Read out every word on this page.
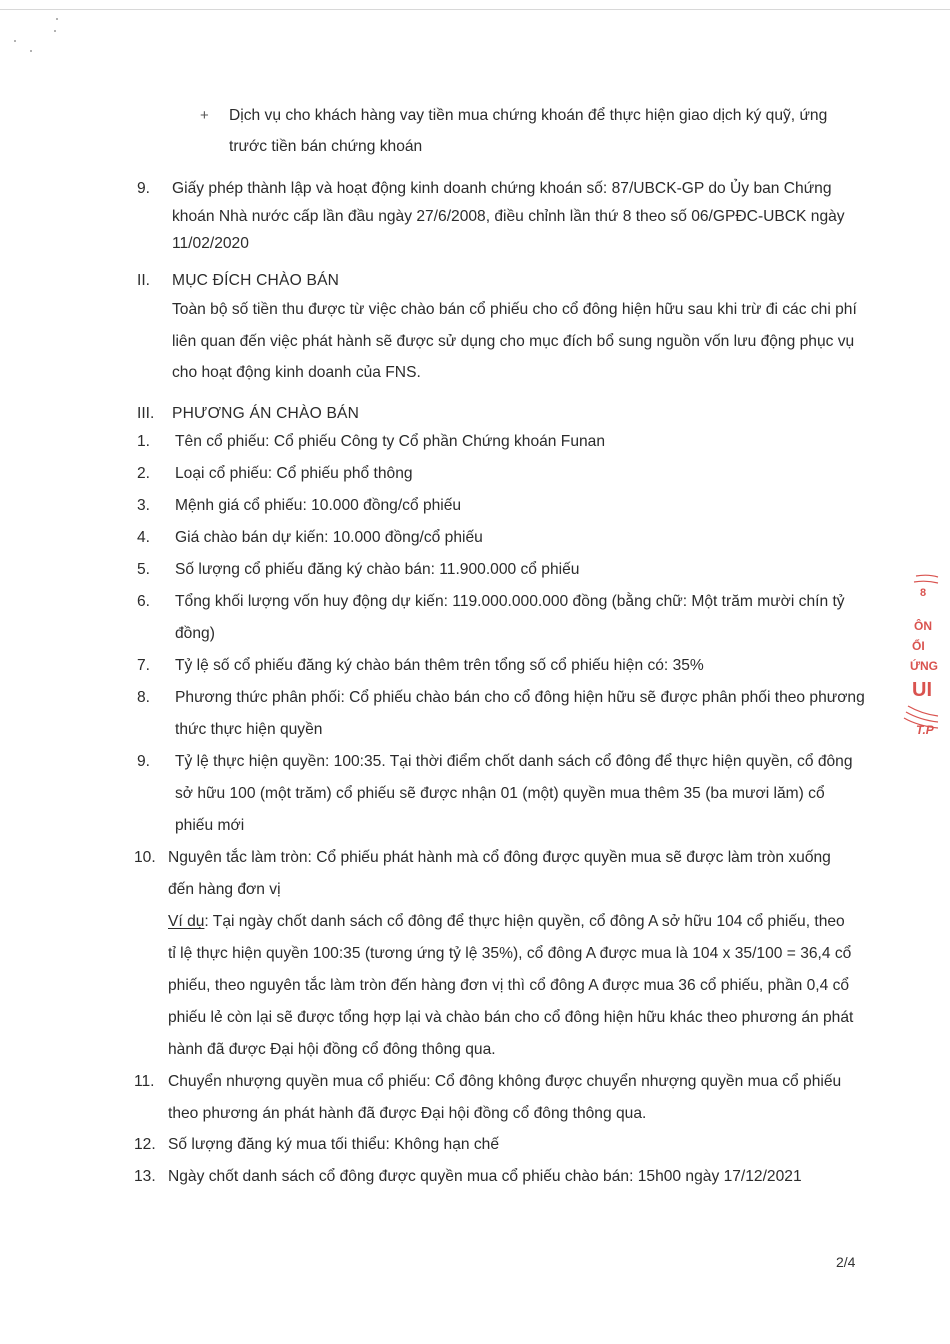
+ Dịch vụ cho khách hàng vay tiền mua chứng khoán để thực hiện giao dịch ký quỹ, ứng
trước tiền bán chứng khoán
9. Giấy phép thành lập và hoạt động kinh doanh chứng khoán số: 87/UBCK-GP do Ủy ban Chứng
khoán Nhà nước cấp lần đầu ngày 27/6/2008, điều chỉnh lần thứ 8 theo số 06/GPĐC-UBCK ngày
11/02/2020
II. MỤC ĐÍCH CHÀO BÁN
Toàn bộ số tiền thu được từ việc chào bán cổ phiếu cho cổ đông hiện hữu sau khi trừ đi các chi phí
liên quan đến việc phát hành sẽ được sử dụng cho mục đích bổ sung nguồn vốn lưu động phục vụ
cho hoạt động kinh doanh của FNS.
III. PHƯƠNG ÁN CHÀO BÁN
1. Tên cổ phiếu: Cổ phiếu Công ty Cổ phần Chứng khoán Funan
2. Loại cổ phiếu: Cổ phiếu phổ thông
3. Mệnh giá cổ phiếu: 10.000 đồng/cổ phiếu
4. Giá chào bán dự kiến: 10.000 đồng/cổ phiếu
5. Số lượng cổ phiếu đăng ký chào bán: 11.900.000 cổ phiếu
6. Tổng khối lượng vốn huy động dự kiến: 119.000.000.000 đồng (bằng chữ: Một trăm mười chín tỷ
đồng)
7. Tỷ lệ số cổ phiếu đăng ký chào bán thêm trên tổng số cổ phiếu hiện có: 35%
8. Phương thức phân phối: Cổ phiếu chào bán cho cổ đông hiện hữu sẽ được phân phối theo phương
thức thực hiện quyền
9. Tỷ lệ thực hiện quyền: 100:35. Tại thời điểm chốt danh sách cổ đông để thực hiện quyền, cổ đông
sở hữu 100 (một trăm) cổ phiếu sẽ được nhận 01 (một) quyền mua thêm 35 (ba mươi lăm) cổ
phiếu mới
10. Nguyên tắc làm tròn: Cổ phiếu phát hành mà cổ đông được quyền mua sẽ được làm tròn xuống
đến hàng đơn vị
Ví dụ: Tại ngày chốt danh sách cổ đông để thực hiện quyền, cổ đông A sở hữu 104 cổ phiếu, theo
tỉ lệ thực hiện quyền 100:35 (tương ứng tỷ lệ 35%), cổ đông A được mua là 104 x 35/100 = 36,4 cổ
phiếu, theo nguyên tắc làm tròn đến hàng đơn vị thì cổ đông A được mua 36 cổ phiếu, phần 0,4 cổ
phiếu lẻ còn lại sẽ được tổng hợp lại và chào bán cho cổ đông hiện hữu khác theo phương án phát
hành đã được Đại hội đồng cổ đông thông qua.
11. Chuyển nhượng quyền mua cổ phiếu: Cổ đông không được chuyển nhượng quyền mua cổ phiếu
theo phương án phát hành đã được Đại hội đồng cổ đông thông qua.
12. Số lượng đăng ký mua tối thiểu: Không hạn chế
13. Ngày chốt danh sách cổ đông được quyền mua cổ phiếu chào bán: 15h00 ngày 17/12/2021
2/4
8
ÔN
ỔI
ỨNG
UI
T.P
